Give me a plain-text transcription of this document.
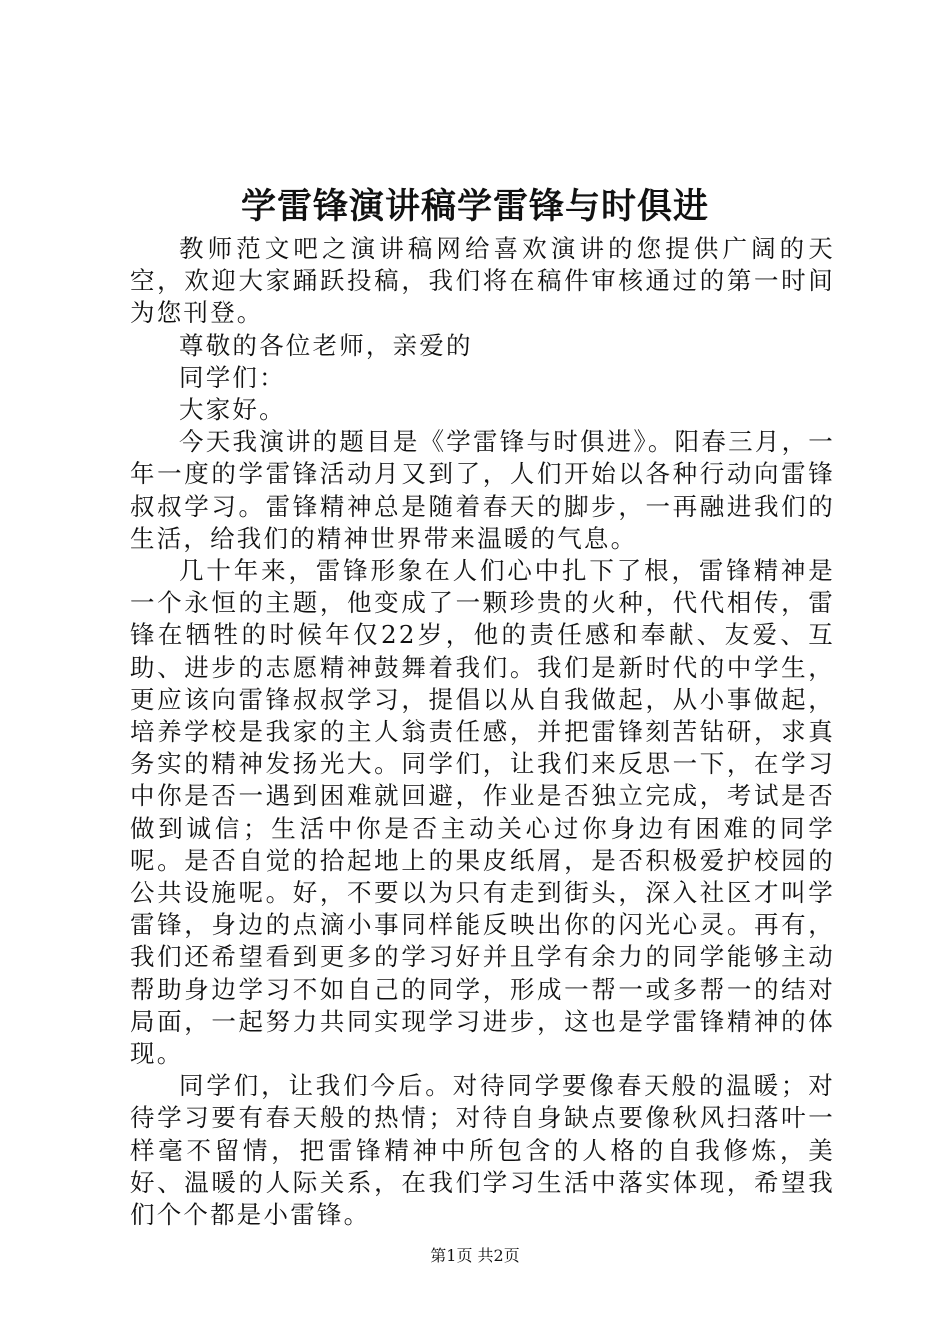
学雷锋演讲稿学雷锋与时俱进

教师范文吧之演讲稿网给喜欢演讲的您提供广阔的天空，欢迎大家踊跃投稿，我们将在稿件审核通过的第一时间为您刊登。

尊敬的各位老师，亲爱的

同学们：

大家好。

今天我演讲的题目是《学雷锋与时俱进》。阳春三月，一年一度的学雷锋活动月又到了，人们开始以各种行动向雷锋叔叔学习。雷锋精神总是随着春天的脚步，一再融进我们的生活，给我们的精神世界带来温暖的气息。

几十年来，雷锋形象在人们心中扎下了根，雷锋精神是一个永恒的主题，他变成了一颗珍贵的火种，代代相传，雷锋在牺牲的时候年仅22岁，他的责任感和奉献、友爱、互助、进步的志愿精神鼓舞着我们。我们是新时代的中学生，更应该向雷锋叔叔学习，提倡以从自我做起，从小事做起，培养学校是我家的主人翁责任感，并把雷锋刻苦钻研，求真务实的精神发扬光大。同学们，让我们来反思一下，在学习中你是否一遇到困难就回避，作业是否独立完成，考试是否做到诚信；生活中你是否主动关心过你身边有困难的同学呢。是否自觉的拾起地上的果皮纸屑，是否积极爱护校园的公共设施呢。好，不要以为只有走到街头，深入社区才叫学雷锋，身边的点滴小事同样能反映出你的闪光心灵。再有，我们还希望看到更多的学习好并且学有余力的同学能够主动帮助身边学习不如自己的同学，形成一帮一或多帮一的结对局面，一起努力共同实现学习进步，这也是学雷锋精神的体现。

同学们，让我们今后。对待同学要像春天般的温暖；对待学习要有春天般的热情；对待自身缺点要像秋风扫落叶一样毫不留情，把雷锋精神中所包含的人格的自我修炼，美好、温暖的人际关系，在我们学习生活中落实体现，希望我们个个都是小雷锋。

第1页 共2页
